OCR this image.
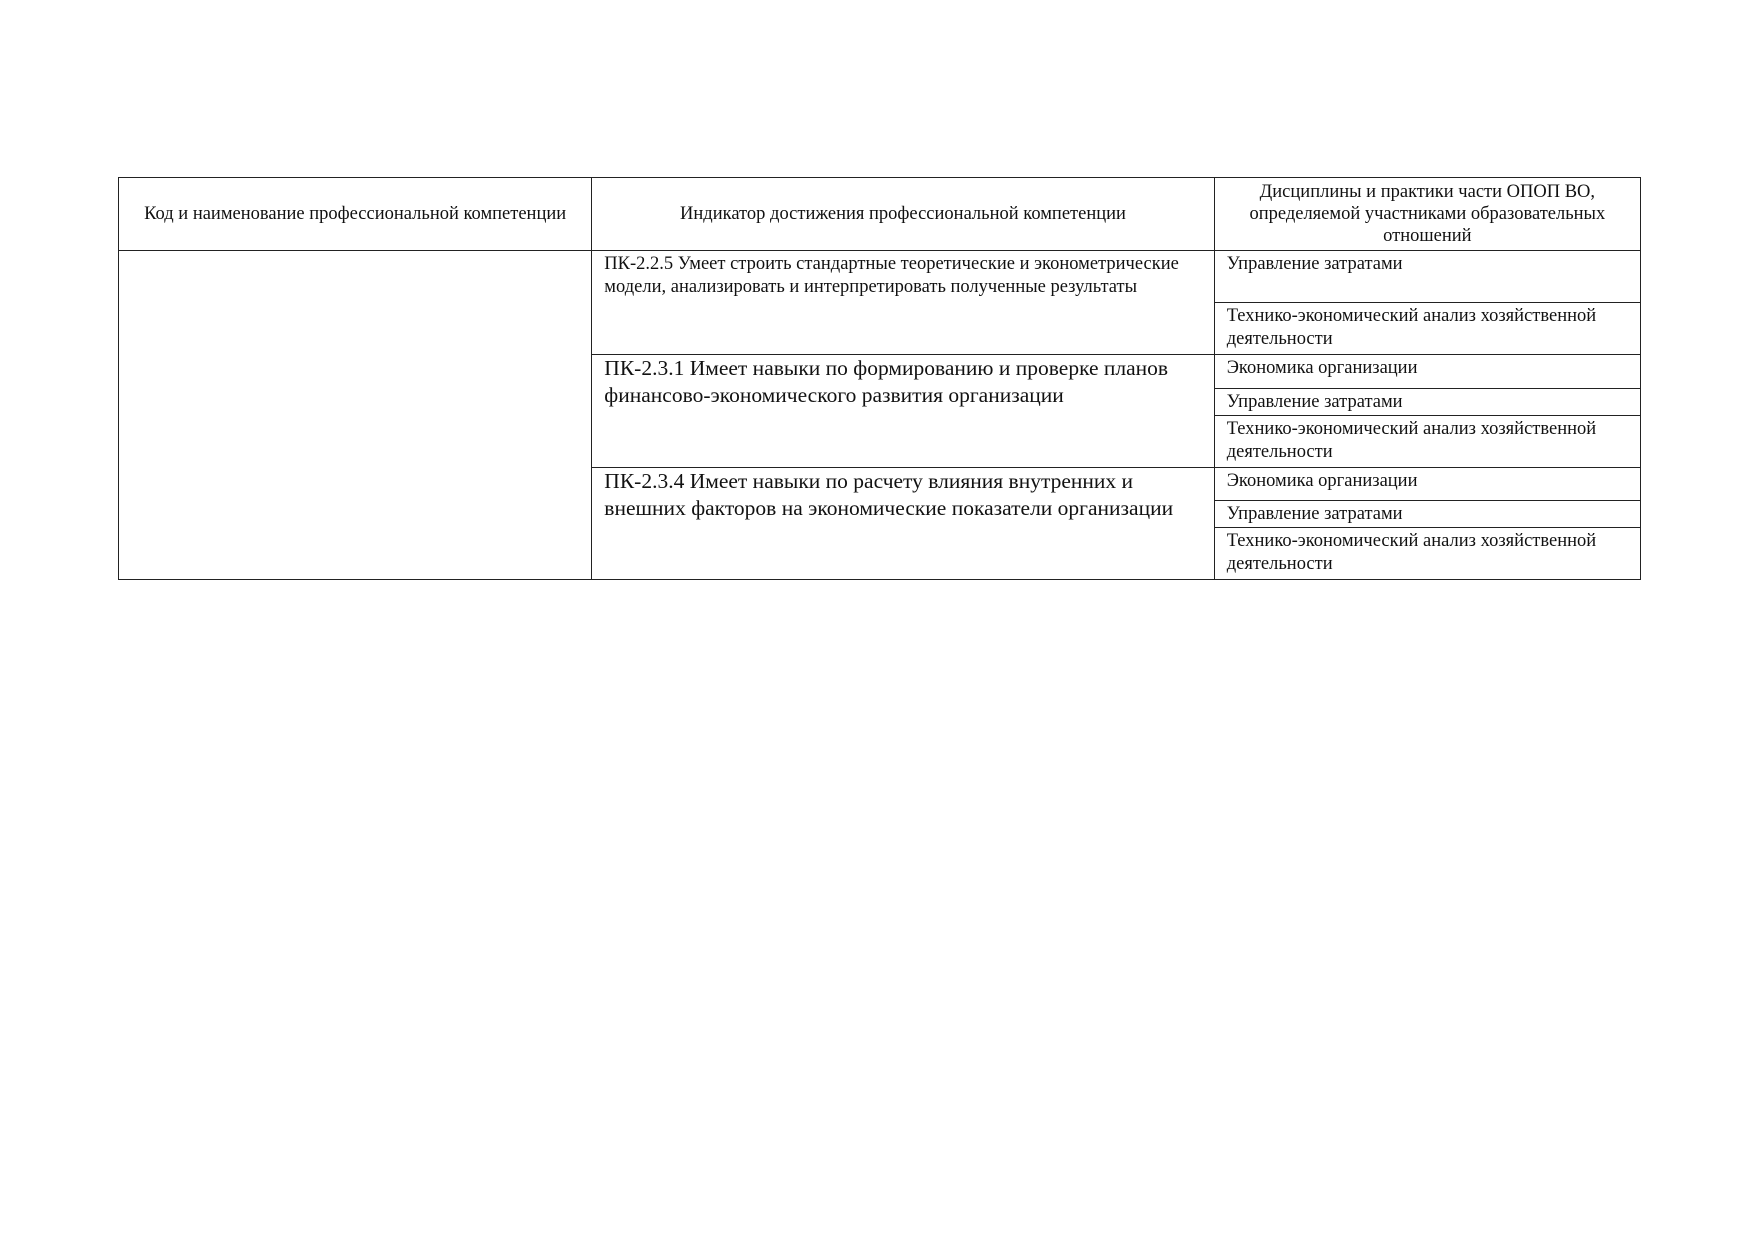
Код и наименование профессиональной компетенции	Индикатор достижения профессиональной компетенции	Дисциплины и практики части ОПОП ВО, определяемой участниками образовательных отношений

	ПК-2.2.5 Умеет строить стандартные теоретические и эконометрические модели, анализировать и интерпретировать полученные результаты	Управление затратами

		Технико-экономический анализ хозяйственной деятельности

	ПК-2.3.1 Имеет навыки по формированию и проверке планов финансово-экономического развития организации	Экономика организации

		Управление затратами

		Технико-экономический анализ хозяйственной деятельности

	ПК-2.3.4 Имеет навыки по расчету влияния внутренних и внешних факторов на экономические показатели организации	Экономика организации

		Управление затратами

		Технико-экономический анализ хозяйственной деятельности
